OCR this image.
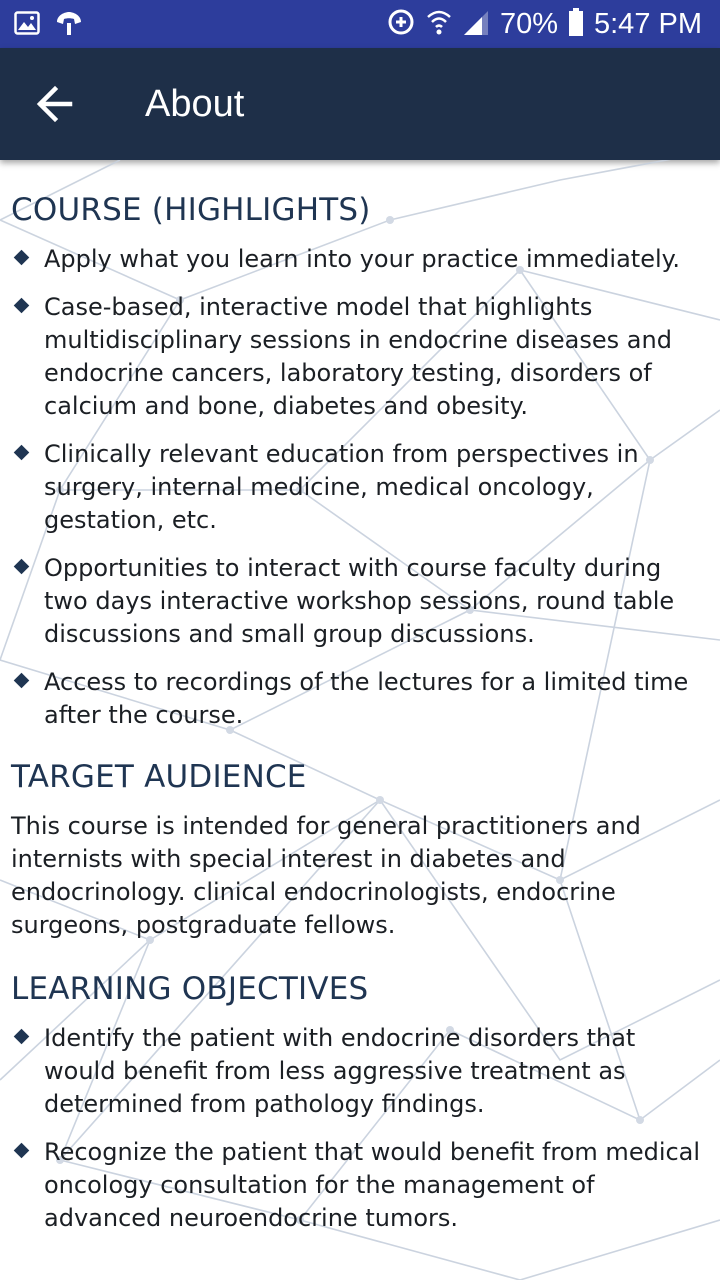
70% 5:47 PM
About
COURSE (HIGHLIGHTS)
Apply what you learn into your practice immediately.
Case-based, interactive model that highlights multidisciplinary sessions in endocrine diseases and endocrine cancers, laboratory testing, disorders of calcium and bone, diabetes and obesity.
Clinically relevant education from perspectives in surgery, internal medicine, medical oncology, gestation, etc.
Opportunities to interact with course faculty during two days interactive workshop sessions, round table discussions and small group discussions.
Access to recordings of the lectures for a limited time after the course.
TARGET AUDIENCE

This course is intended for general practitioners and internists with special interest in diabetes and endocrinology. clinical endocrinologists, endocrine surgeons, postgraduate fellows.

LEARNING OBJECTIVES
Identify the patient with endocrine disorders that would benefit from less aggressive treatment as determined from pathology findings.
Recognize the patient that would benefit from medical oncology consultation for the management of advanced neuroendocrine tumors.
